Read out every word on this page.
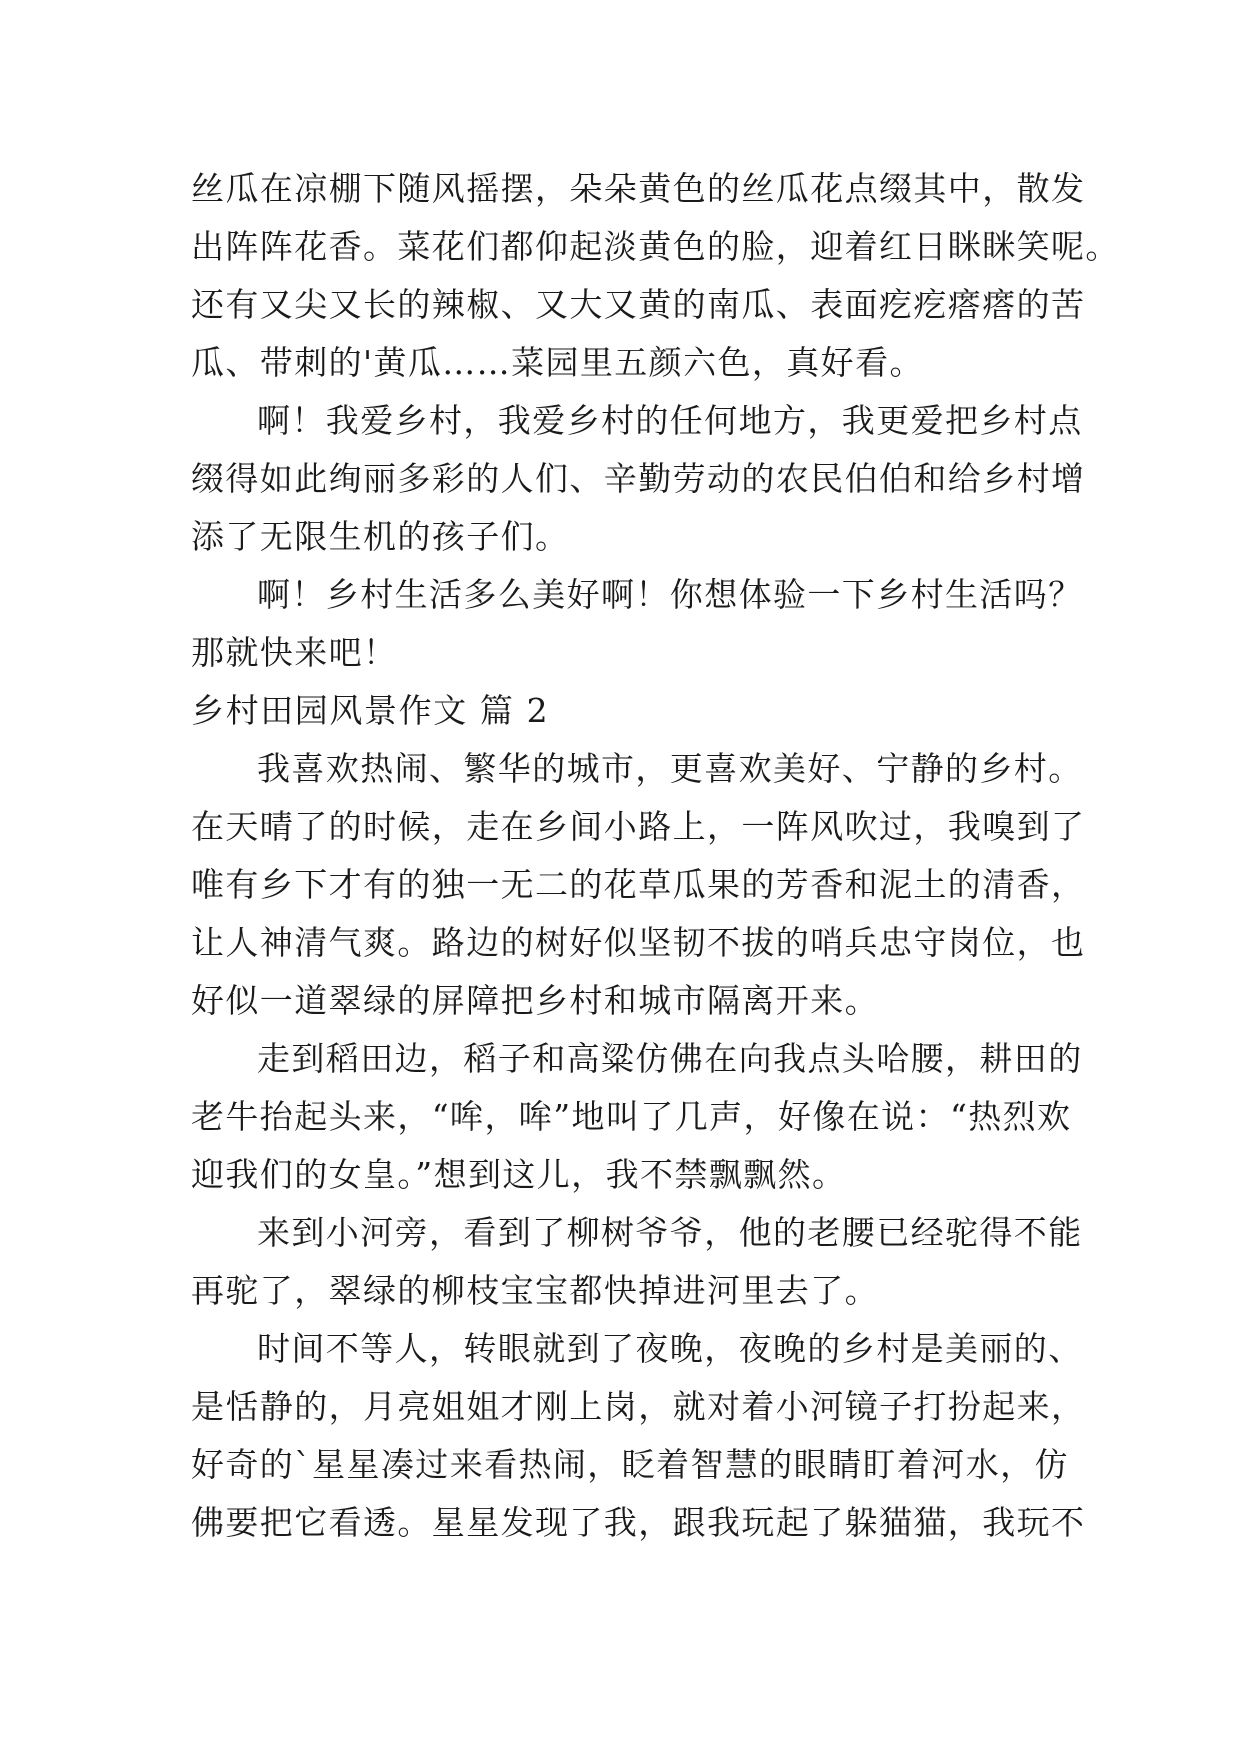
丝瓜在凉棚下随风摇摆，朵朵黄色的丝瓜花点缀其中，散发
出阵阵花香。菜花们都仰起淡黄色的脸，迎着红日眯眯笑呢。
还有又尖又长的辣椒、又大又黄的南瓜、表面疙疙瘩瘩的苦
瓜、带刺的'黄瓜……菜园里五颜六色，真好看。
啊！我爱乡村，我爱乡村的任何地方，我更爱把乡村点
缀得如此绚丽多彩的人们、辛勤劳动的农民伯伯和给乡村增
添了无限生机的孩子们。
啊！乡村生活多么美好啊！你想体验一下乡村生活吗？
那就快来吧！
乡村田园风景作文 篇 2
我喜欢热闹、繁华的城市，更喜欢美好、宁静的乡村。
在天晴了的时候，走在乡间小路上，一阵风吹过，我嗅到了
唯有乡下才有的独一无二的花草瓜果的芳香和泥土的清香，
让人神清气爽。路边的树好似坚韧不拔的哨兵忠守岗位，也
好似一道翠绿的屏障把乡村和城市隔离开来。
走到稻田边，稻子和高粱仿佛在向我点头哈腰，耕田的
老牛抬起头来，“哞，哞”地叫了几声，好像在说：“热烈欢
迎我们的女皇。”想到这儿，我不禁飘飘然。
来到小河旁，看到了柳树爷爷，他的老腰已经驼得不能
再驼了，翠绿的柳枝宝宝都快掉进河里去了。
时间不等人，转眼就到了夜晚，夜晚的乡村是美丽的、
是恬静的，月亮姐姐才刚上岗，就对着小河镜子打扮起来，
好奇的`星星凑过来看热闹，眨着智慧的眼睛盯着河水，仿
佛要把它看透。星星发现了我，跟我玩起了躲猫猫，我玩不
